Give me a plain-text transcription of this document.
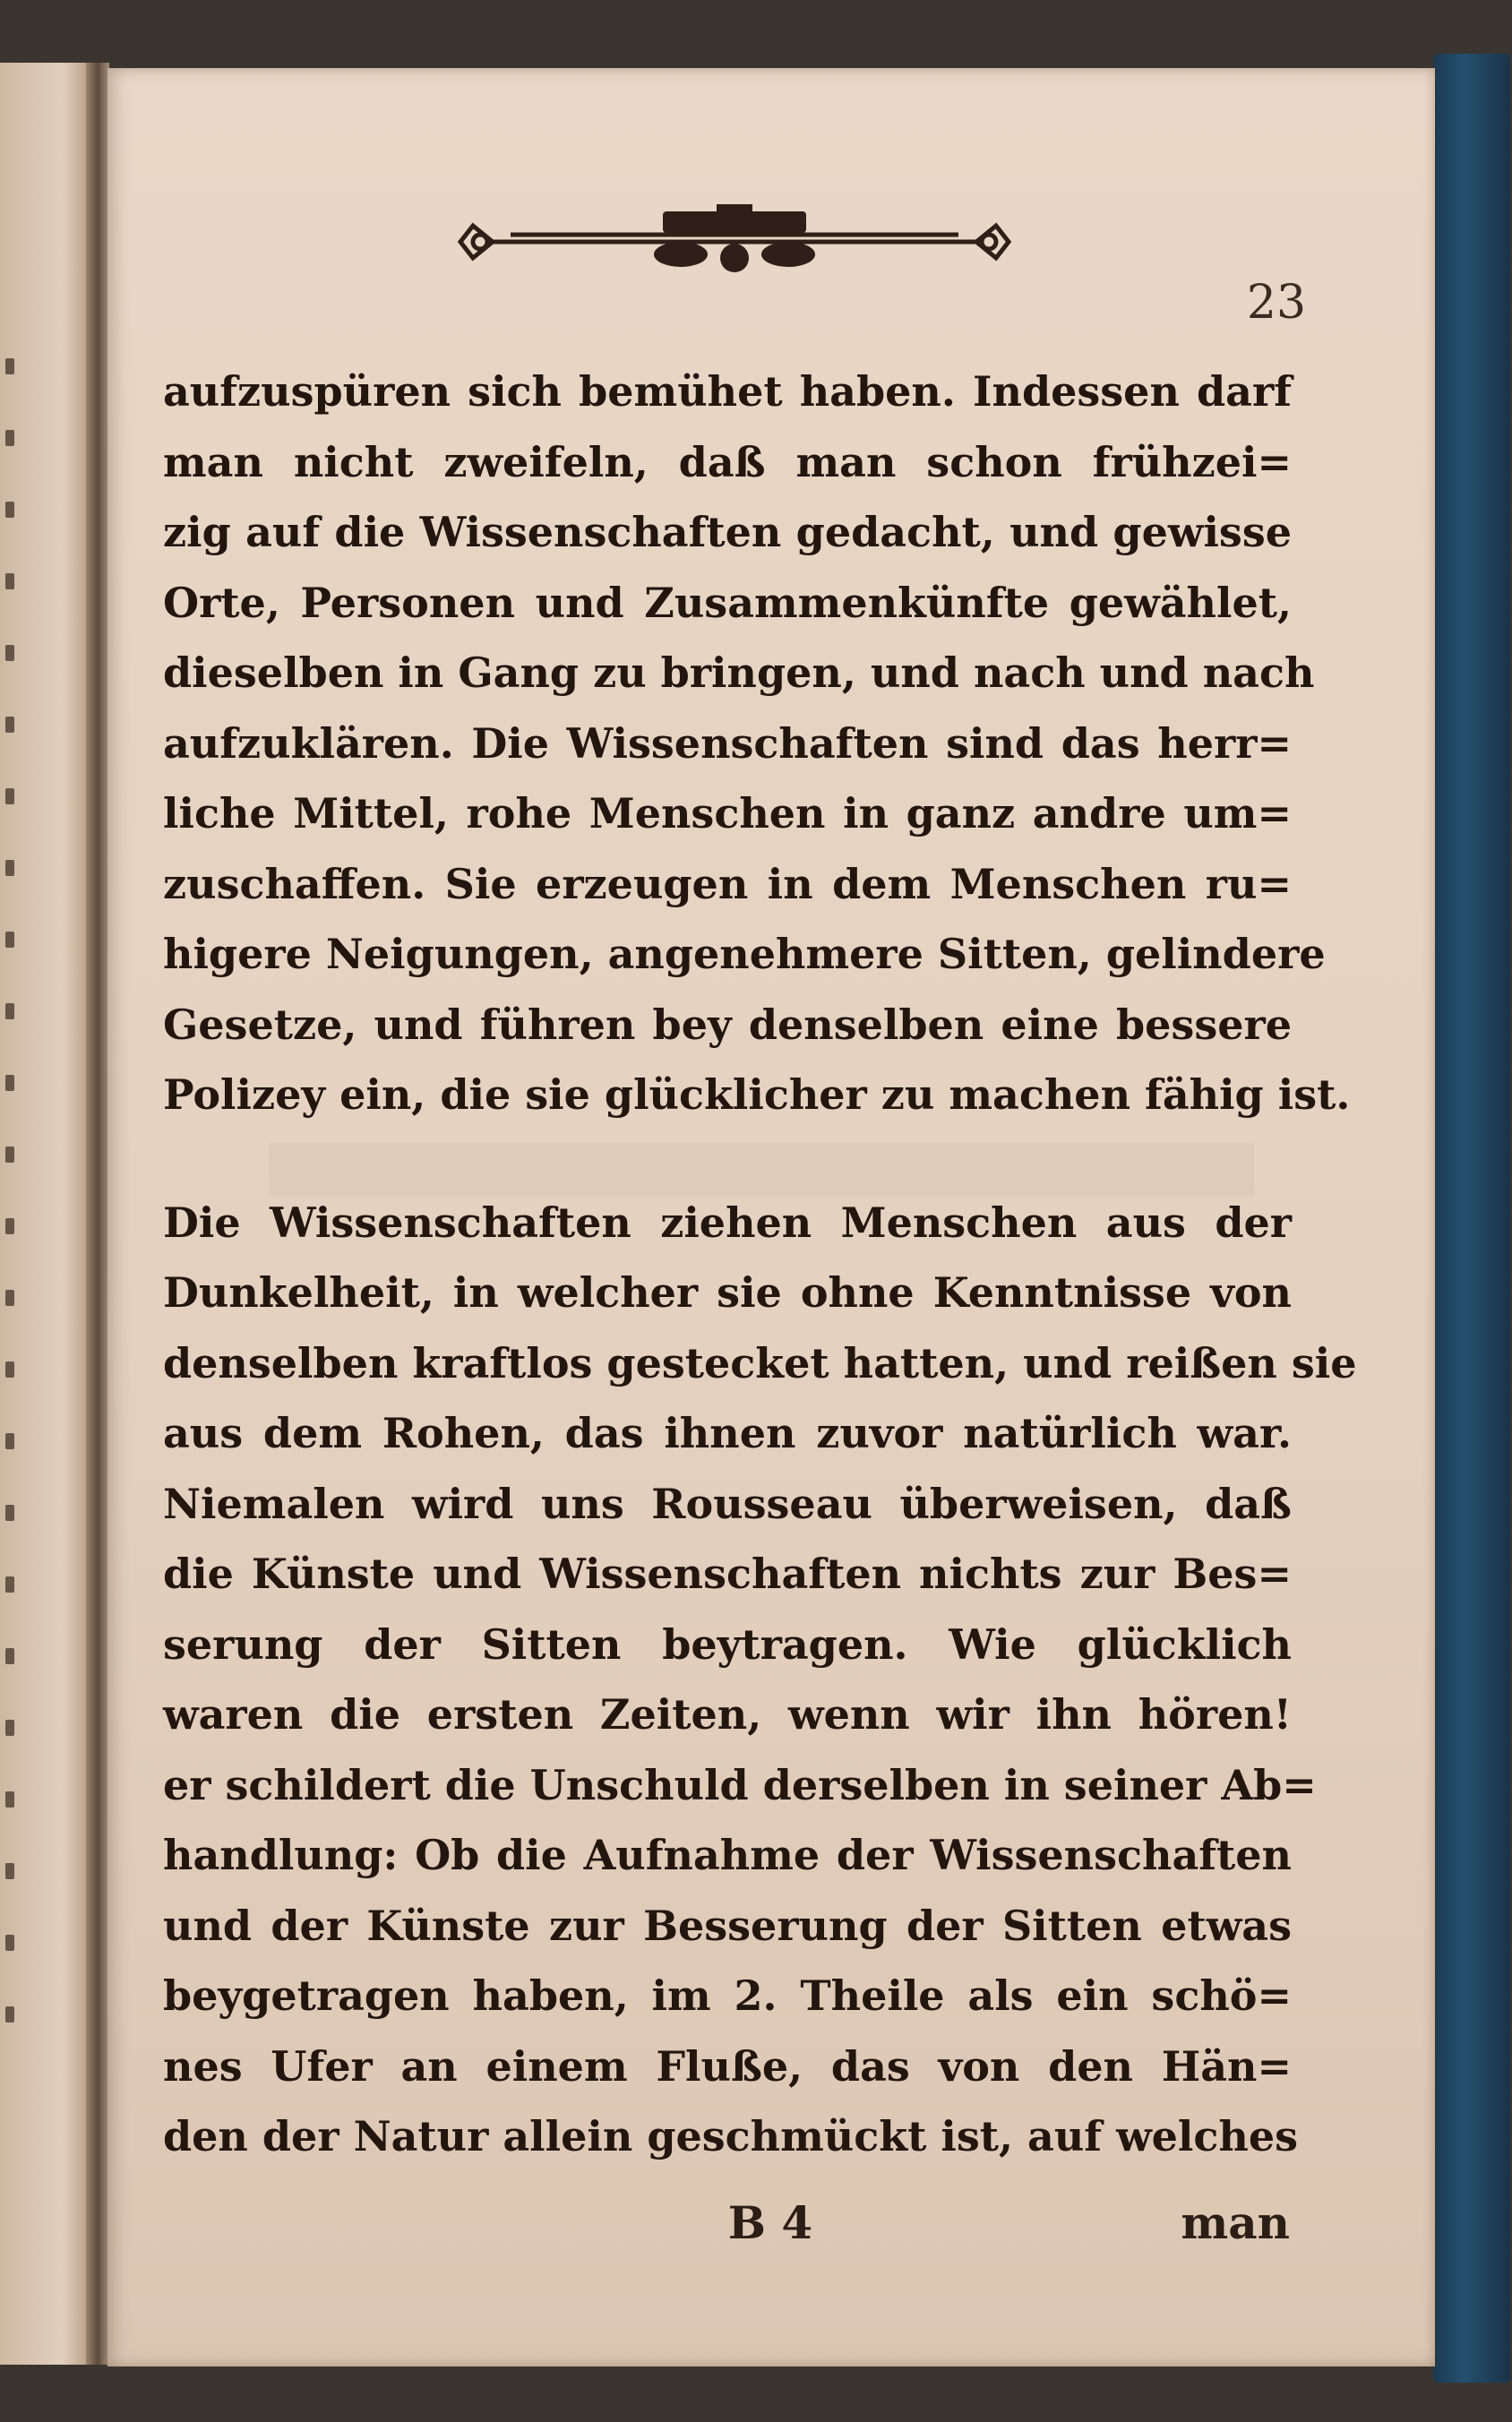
23
aufzuspüren sich bemühet haben. Indessen darf
man nicht zweifeln, daß man schon frühzei=
zig auf die Wissenschaften gedacht, und gewisse
Orte, Personen und Zusammenkünfte gewählet,
dieselben in Gang zu bringen, und nach und nach
aufzuklären. Die Wissenschaften sind das herr=
liche Mittel, rohe Menschen in ganz andre um=
zuschaffen. Sie erzeugen in dem Menschen ru=
higere Neigungen, angenehmere Sitten, gelindere
Gesetze, und führen bey denselben eine bessere
Polizey ein, die sie glücklicher zu machen fähig ist.
Die Wissenschaften ziehen Menschen aus der
Dunkelheit, in welcher sie ohne Kenntnisse von
denselben kraftlos gestecket hatten, und reißen sie
aus dem Rohen, das ihnen zuvor natürlich war.
Niemalen wird uns Rousseau überweisen, daß
die Künste und Wissenschaften nichts zur Bes=
serung der Sitten beytragen. Wie glücklich
waren die ersten Zeiten, wenn wir ihn hören!
er schildert die Unschuld derselben in seiner Ab=
handlung: Ob die Aufnahme der Wissenschaften
und der Künste zur Besserung der Sitten etwas
beygetragen haben, im 2. Theile als ein schö=
nes Ufer an einem Fluße, das von den Hän=
den der Natur allein geschmückt ist, auf welches
B 4	man
